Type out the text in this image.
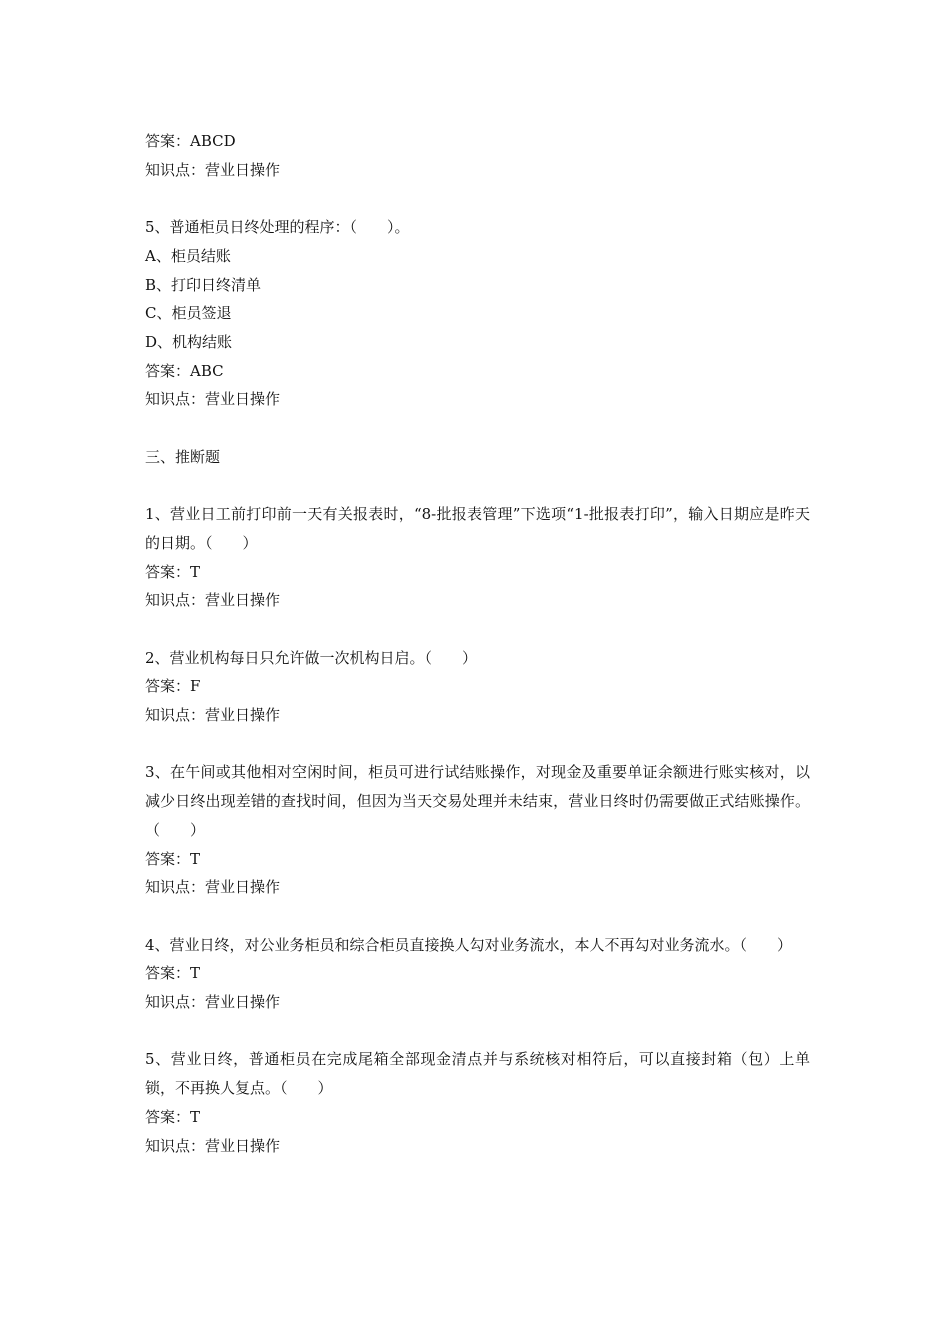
答案：ABCD

知识点：营业日操作

5、普通柜员日终处理的程序：（　　）。

A、柜员结账

B、打印日终清单

C、柜员签退

D、机构结账

答案：ABC

知识点：营业日操作

三、推断题

1、营业日工前打印前一天有关报表时，“8-批报表管理”下选项“1-批报表打印”，输入日期应是昨天的日期。（　　）

答案：T

知识点：营业日操作

2、营业机构每日只允许做一次机构日启。（　　）

答案：F

知识点：营业日操作

3、在午间或其他相对空闲时间，柜员可进行试结账操作，对现金及重要单证余额进行账实核对，以减少日终出现差错的查找时间，但因为当天交易处理并未结束，营业日终时仍需要做正式结账操作。（　　）

答案：T

知识点：营业日操作

4、营业日终，对公业务柜员和综合柜员直接换人勾对业务流水，本人不再勾对业务流水。（　　）

答案：T

知识点：营业日操作

5、营业日终，普通柜员在完成尾箱全部现金清点并与系统核对相符后，可以直接封箱（包）上单锁，不再换人复点。（　　）

答案：T

知识点：营业日操作
